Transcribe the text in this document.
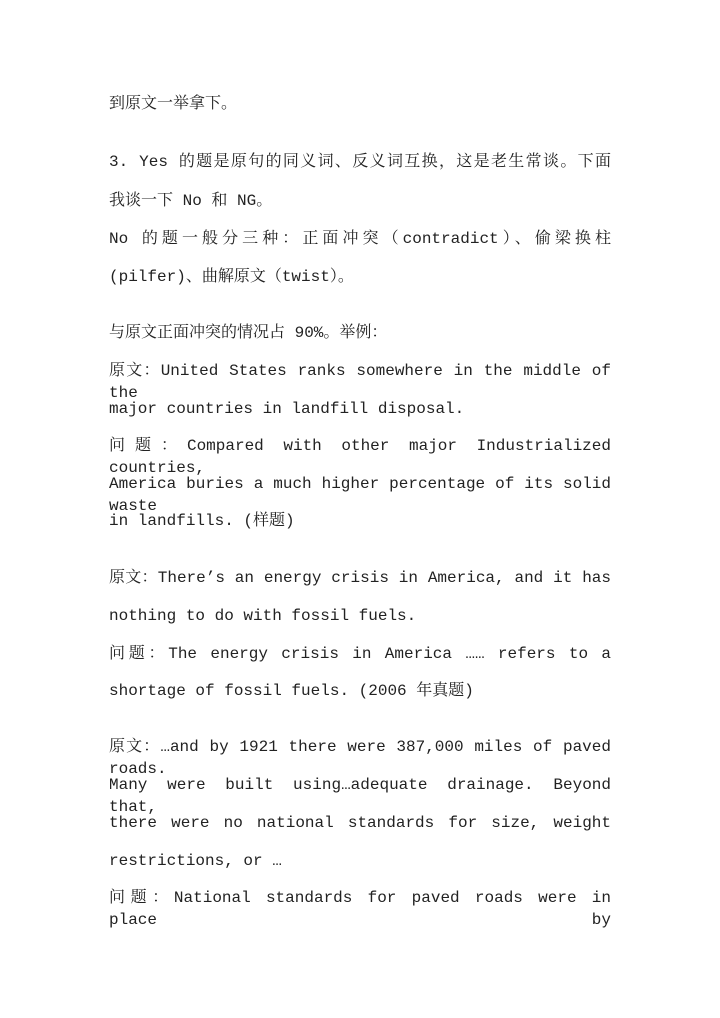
到原文一举拿下。
3. Yes 的题是原句的同义词、反义词互换，这是老生常谈。下面
我谈一下 No 和 NG。
No 的题一般分三种：正面冲突（contradict）、偷梁换柱
(pilfer)、曲解原文（twist）。
与原文正面冲突的情况占 90%。举例：
原文：United States ranks somewhere in the middle of the
major countries in landfill disposal.
问题：Compared with other major Industrialized countries,
America buries a much higher percentage of its solid waste
in landfills. (样题)
原文：There’s an energy crisis in America, and it has
nothing to do with fossil fuels.
问题：The energy crisis in America …… refers to a
shortage of fossil fuels. (2006 年真题)
原文：…and by 1921 there were 387,000 miles of paved roads.
Many were built using…adequate drainage. Beyond that,
there were no national standards for size, weight
restrictions, or …
问题：National standards for paved roads were in place by
